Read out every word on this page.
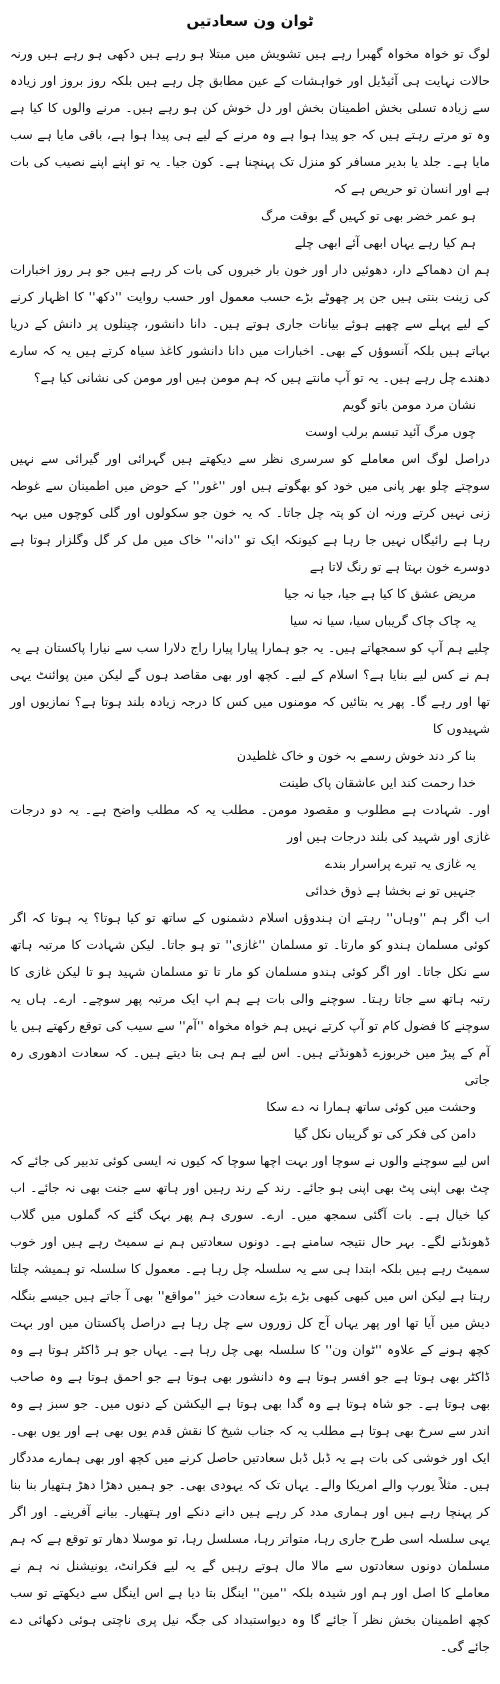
ٹوان ون سعادتیں

لوگ تو خواہ مخواہ گھبرا رہے ہیں تشویش میں مبتلا ہو رہے ہیں دکھی ہو رہے ہیں ورنہ حالات نہایت ہی آئیڈیل اور خواہشات کے عین مطابق چل رہے ہیں بلکہ روز بروز اور زیادہ سے زیادہ تسلی بخش اطمینان بخش اور دل خوش کن ہو رہے ہیں۔ مرنے والوں کا کیا ہے وہ تو مرتے رہتے ہیں کہ جو پیدا ہوا ہے وہ مرنے کے لیے ہی پیدا ہوا ہے، باقی مایا ہے سب مایا ہے۔ جلد یا بدیر مسافر کو منزل تک پہنچنا ہے۔ کون جیا۔ یہ تو اپنے اپنے نصیب کی بات ہے اور انسان تو حریص ہے کہ

ہو عمر خضر بھی تو کہیں گے بوقت مرگ

ہم کیا رہے یہاں ابھی آئے ابھی چلے

ہم ان دھماکے دار، دھوئیں دار اور خون بار خبروں کی بات کر رہے ہیں جو ہر روز اخبارات کی زینت بنتی ہیں جن پر چھوٹے بڑے حسب معمول اور حسب روایت ''دکھ'' کا اظہار کرنے کے لیے پہلے سے چھپے ہوئے بیانات جاری ہوتے ہیں۔ دانا دانشور، چینلوں پر دانش کے دریا بہاتے ہیں بلکہ آنسوؤں کے بھی۔ اخبارات میں دانا دانشور کاغذ سیاہ کرتے ہیں یہ کہ سارے دھندے چل رہے ہیں۔ یہ تو آپ مانتے ہیں کہ ہم مومن ہیں اور مومن کی نشانی کیا ہے؟

نشان مرد مومن باتو گویم

چوں مرگ آئید تبسم برلب اوست

دراصل لوگ اس معاملے کو سرسری نظر سے دیکھتے ہیں گہرائی اور گیرائی سے نہیں سوچتے چلو بھر پانی میں خود کو بھگوتے ہیں اور ''غور'' کے حوض میں اطمینان سے غوطہ زنی نہیں کرتے ورنہ ان کو پتہ چل جاتا۔ کہ یہ خون جو سکولوں اور گلی کوچوں میں بہہ رہا ہے رائیگاں نہیں جا رہا ہے کیونکہ ایک تو ''دانہ'' خاک میں مل کر گل وگلزار ہوتا ہے دوسرے خون بہتا ہے تو رنگ لاتا ہے

مریض عشق کا کیا ہے جیا، جیا نہ جیا

یہ چاک چاک گریباں سیا، سیا نہ سیا

چلیے ہم آپ کو سمجھاتے ہیں۔ یہ جو ہمارا پیارا پیارا راج دلارا سب سے نیارا پاکستان ہے یہ ہم نے کس لیے بنایا ہے؟ اسلام کے لیے۔ کچھ اور بھی مقاصد ہوں گے لیکن مین پوائنٹ یہی تھا اور رہے گا۔ پھر یہ بتائیں کہ مومنوں میں کس کا درجہ زیادہ بلند ہوتا ہے؟ نمازیوں اور شہیدوں کا

بنا کر دند خوش رسمے بہ خون و خاک غلطیدن

خدا رحمت کند ایں عاشقان پاک طینت

اور۔ شہادت ہے مطلوب و مقصود مومن۔ مطلب یہ کہ مطلب واضح ہے۔ یہ دو درجات غازی اور شہید کی بلند درجات ہیں اور

یہ غازی یہ تیرے پراسرار بندے

جنہیں تو نے بخشا ہے ذوق خدائی

اب اگر ہم ''وہاں'' رہتے ان ہندوؤں اسلام دشمنوں کے ساتھ تو کیا ہوتا؟ یہ ہوتا کہ اگر کوئی مسلمان ہندو کو مارتا۔ تو مسلمان ''غازی'' تو ہو جاتا۔ لیکن شہادت کا مرتبہ ہاتھ سے نکل جاتا۔ اور اگر کوئی ہندو مسلمان کو مار تا تو مسلمان شہید ہو تا لیکن غازی کا رتبہ ہاتھ سے جاتا رہتا۔ سوچنے والی بات ہے ہم اپ ایک مرتبہ پھر سوچے۔ ارے۔ ہاں یہ سوچنے کا فضول کام تو آپ کرتے نہیں ہم خواہ مخواہ ''آم'' سے سیب کی توقع رکھتے ہیں یا آم کے پیڑ میں خربوزے ڈھونڈتے ہیں۔ اس لیے ہم ہی بتا دیتے ہیں۔ کہ سعادت ادھوری رہ جاتی

وحشت میں کوئی ساتھ ہمارا نہ دے سکا

دامن کی فکر کی تو گریباں نکل گیا

اس لیے سوچنے والوں نے سوچا اور بہت اچھا سوچا کہ کیوں نہ ایسی کوئی تدبیر کی جائے کہ چٹ بھی اپنی پٹ بھی اپنی ہو جائے۔ رند کے رند رہیں اور ہاتھ سے جنت بھی نہ جائے۔ اب کیا خیال ہے۔ بات آگئی سمجھ میں۔ ارے۔ سوری ہم پھر بہک گئے کہ گملوں میں گلاب ڈھونڈنے لگے۔ بہر حال نتیجہ سامنے ہے۔ دونوں سعادتیں ہم نے سمیٹ رہے ہیں اور خوب سمیٹ رہے ہیں بلکہ ابتدا ہی سے یہ سلسلہ چل رہا ہے۔ معمول کا سلسلہ تو ہمیشہ چلتا رہتا ہے لیکن اس میں کبھی کبھی بڑے بڑے سعادت خیز ''مواقع'' بھی آ جاتے ہیں جیسے بنگلہ دیش میں آیا تھا اور پھر یہاں آج کل زوروں سے چل رہا ہے دراصل پاکستان میں اور بہت کچھ ہونے کے علاوہ ''ٹوان ون'' کا سلسلہ بھی چل رہا ہے۔ یہاں جو ہر ڈاکٹر ہوتا ہے وہ ڈاکٹر بھی ہوتا ہے جو افسر ہوتا ہے وہ دانشور بھی ہوتا ہے جو احمق ہوتا ہے وہ صاحب بھی ہوتا ہے۔ جو شاہ ہوتا ہے وہ گدا بھی ہوتا ہے الیکشن کے دنوں میں۔ جو سبز ہے وہ اندر سے سرخ بھی ہوتا ہے مطلب یہ کہ جناب شیخ کا نقش قدم یوں بھی ہے اور یوں بھی۔ ایک اور خوشی کی بات ہے یہ ڈبل ڈبل سعادتیں حاصل کرنے میں کچھ اور بھی ہمارے مددگار ہیں۔ مثلاً یورپ والے امریکا والے۔ یہاں تک کہ یہودی بھی۔ جو ہمیں دھڑا دھڑ ہتھیار بنا بنا کر پہنچا رہے ہیں اور ہماری مدد کر رہے ہیں دانے دنکے اور ہتھیار۔ بیانے آفرینے۔ اور اگر یہی سلسلہ اسی طرح جاری رہا، متواتر رہا، مسلسل رہا، تو موسلا دھار تو توقع ہے کہ ہم مسلمان دونوں سعادتوں سے مالا مال ہوتے رہیں گے یہ لیے فکرانٹ، یونیشنل نہ ہم نے معاملے کا اصل اور ہم اور شیدہ بلکہ ''مین'' اینگل بتا دیا ہے اس اینگل سے دیکھتے تو سب کچھ اطمینان بخش نظر آ جائے گا وہ دیواستبداد کی جگہ نیل پری ناچتی ہوئی دکھائی دے جائے گی۔
